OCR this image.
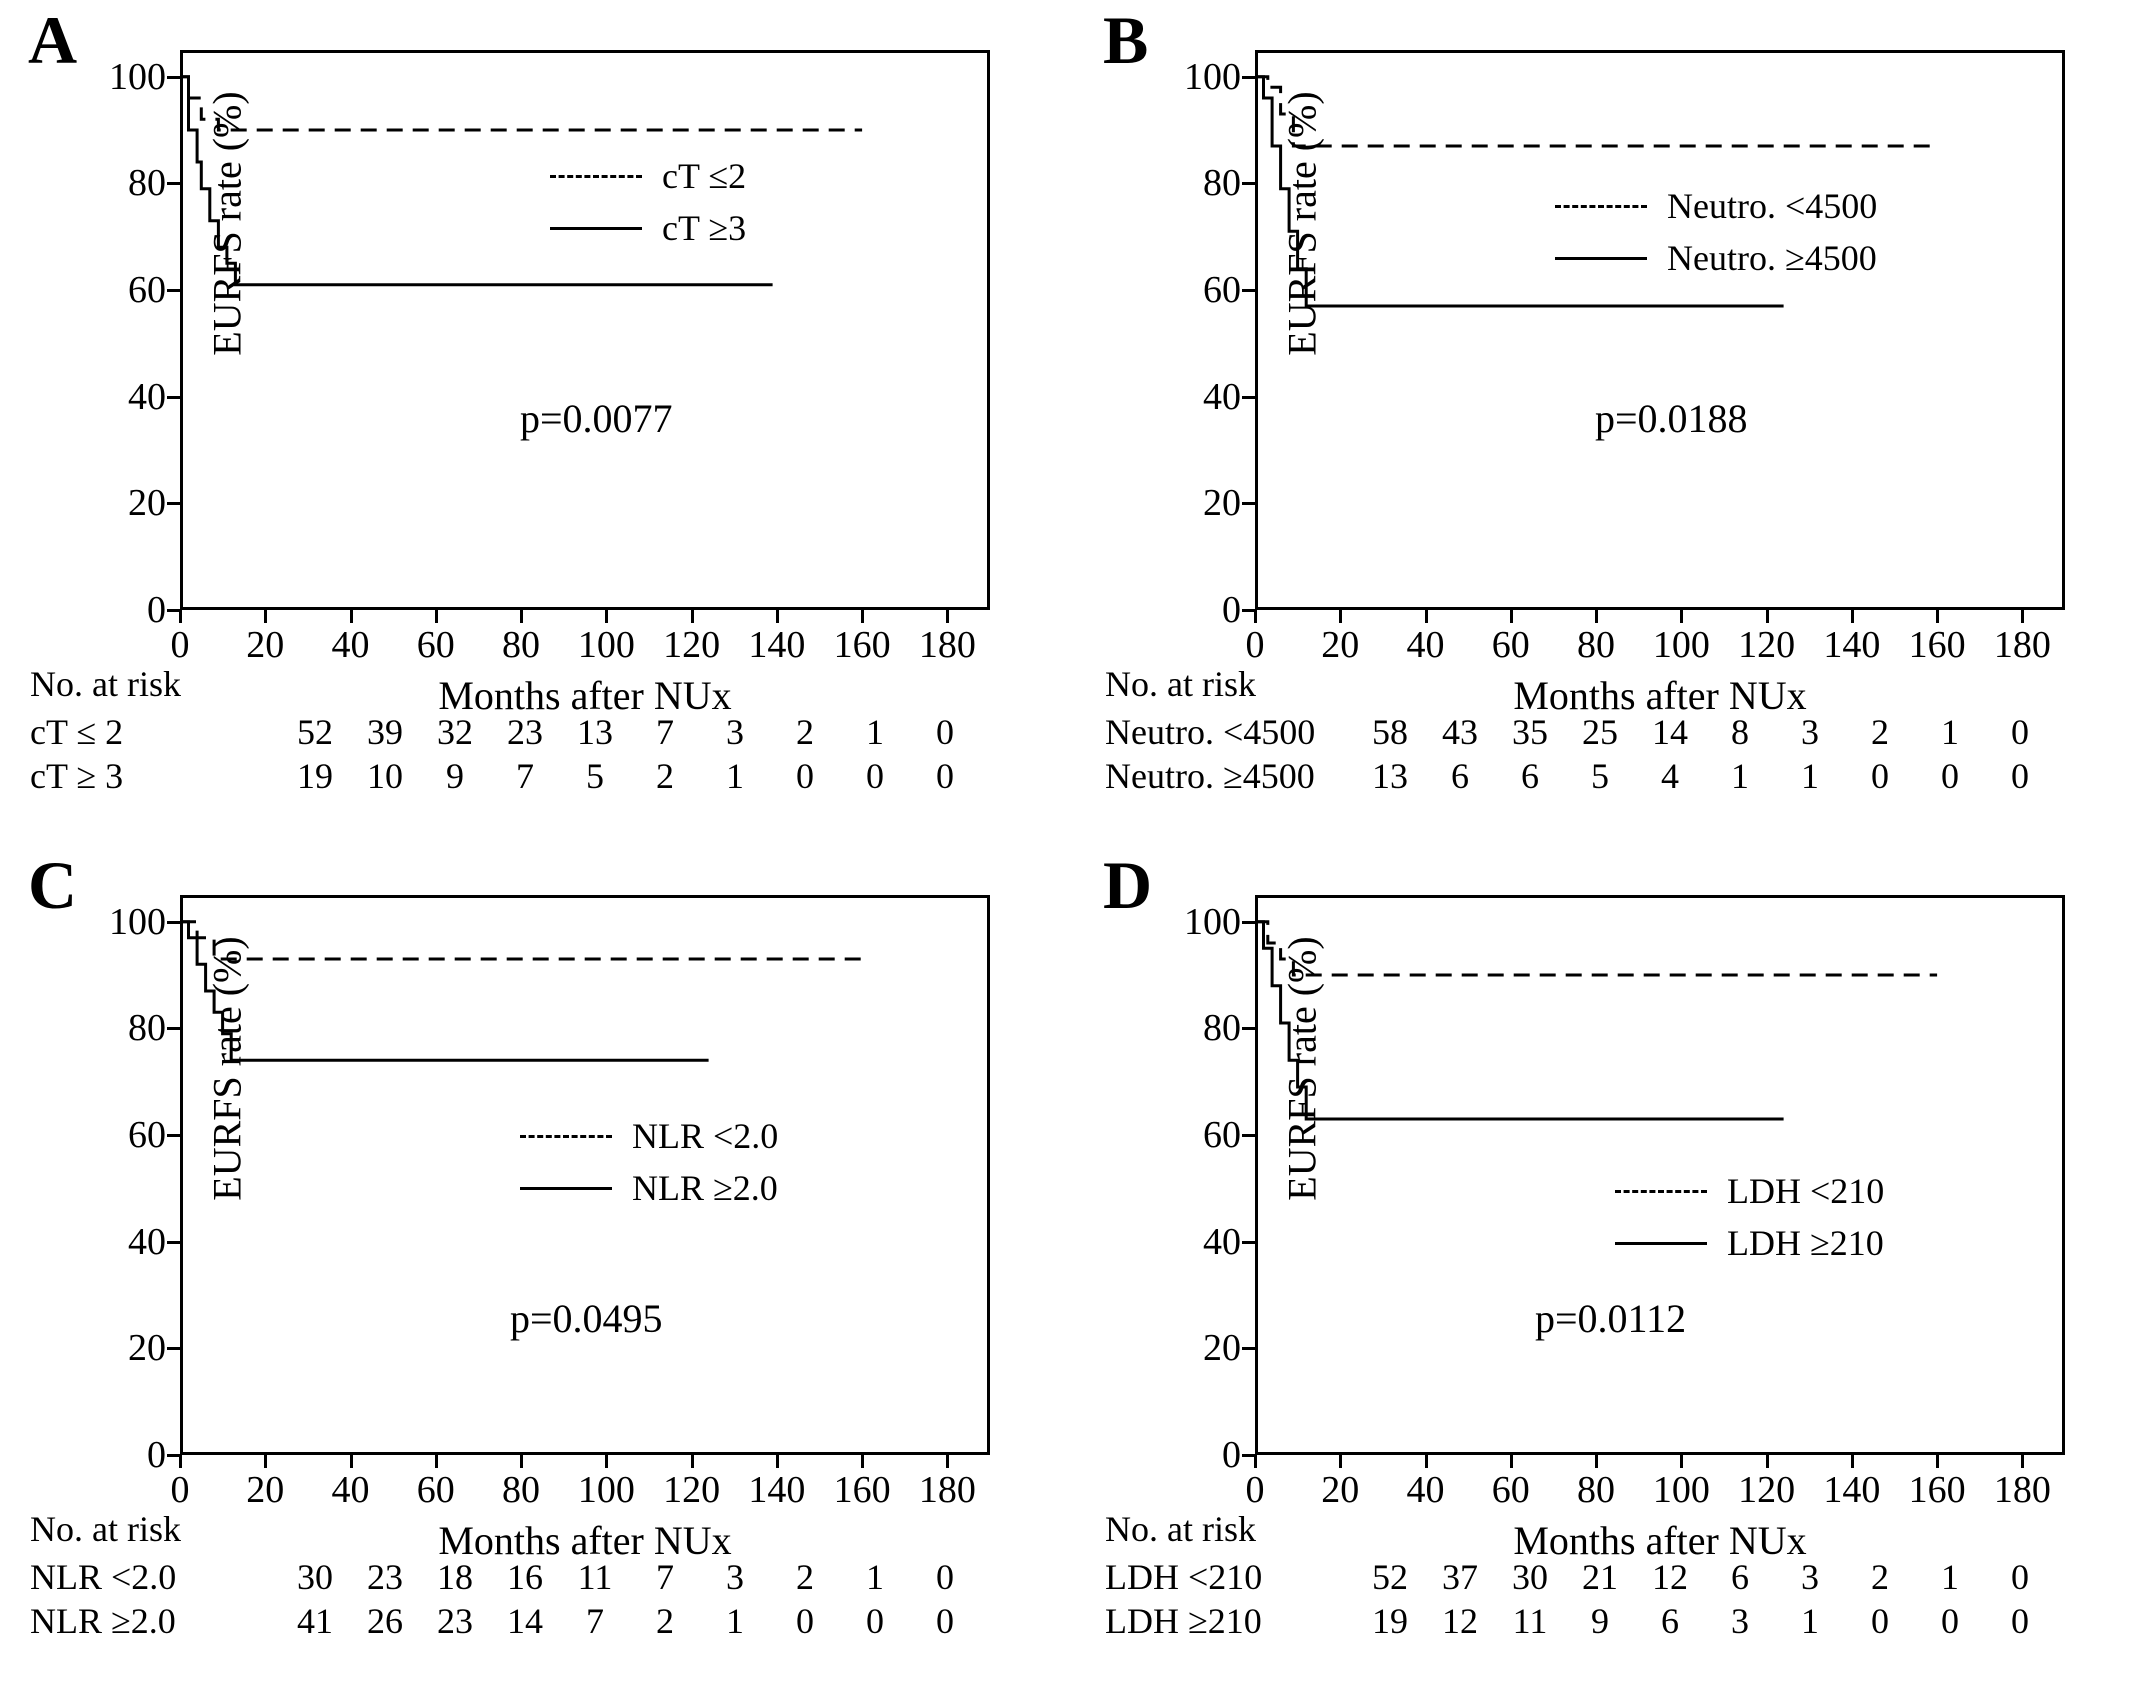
A
EURFS rate (%)
p=0.0077
cT ≤2
cT ≥3
Months after NUx
0
20
40
60
80
100
0 20 40 60 80 100 120 140 160 180
No. at risk
cT ≤ 2	52 39 32 23 13	7	3	2	1	0
cT ≥ 3	19 10	9	7	5	2	1	0	0	0
B
EURFS rate (%)
p=0.0188
Neutro. <4500
Neutro. ≥4500
Months after NUx
0
20
40
60
80
100
0 20 40 60 80 100 120 140 160 180
No. at risk
Neutro. <4500	58 43 35 25 14	8	3	2	1	0
Neutro. ≥4500	13	6	6	5	4	1	1	0	0	0
C
EURFS rate (%)
p=0.0495
NLR <2.0
NLR ≥2.0
Months after NUx
0
20
40
60
80
100
0 20 40 60 80 100 120 140 160 180
No. at risk
NLR <2.0	30 23 18 16 11	7	3	2	1	0
NLR ≥2.0	41 26 23 14	7	2	1	0	0	0
D
EURFS rate (%)
p=0.0112
LDH <210
LDH ≥210
Months after NUx
0
20
40
60
80
100
0 20 40 60 80 100 120 140 160 180
No. at risk
LDH <210	52 37 30 21 12	6	3	2	1	0
LDH ≥210	19 12 11	9	6	3	1	0	0	0
